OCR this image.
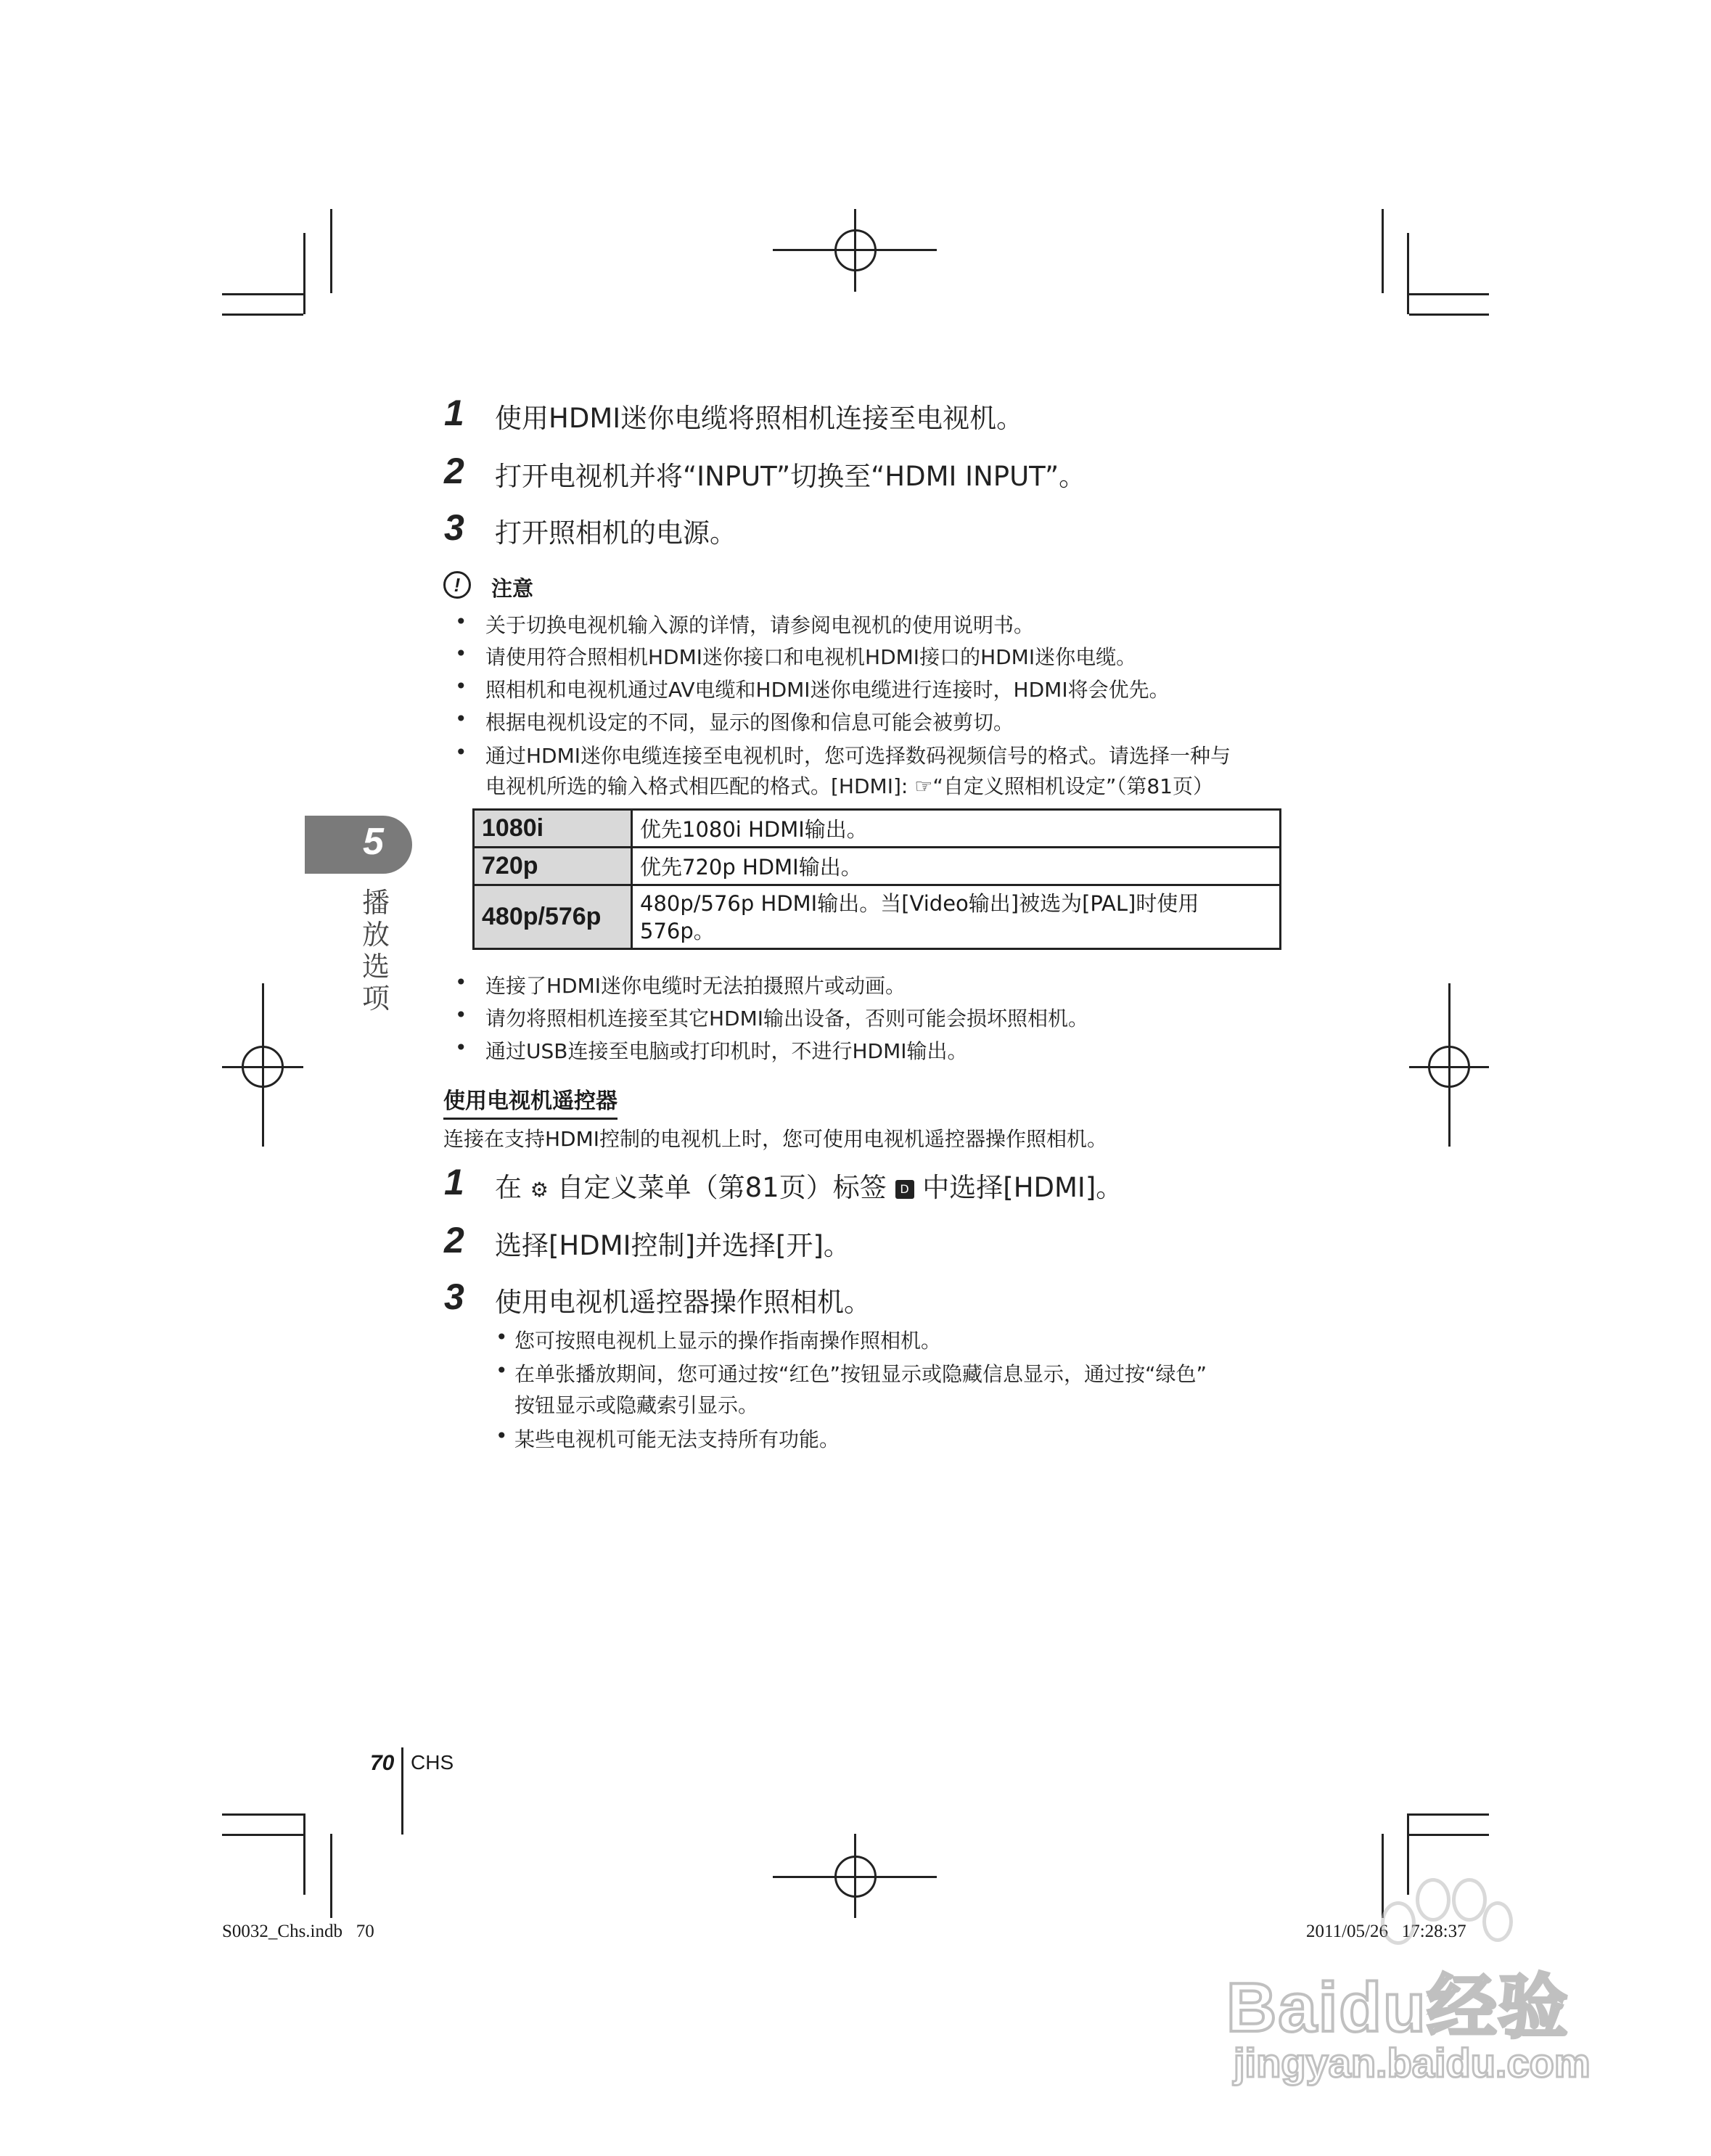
1 使用HDMI迷你电缆将照相机连接至电视机。
2 打开电视机并将“INPUT”切换至“HDMI INPUT”。
3 打开照相机的电源。
!	注意
• 关于切换电视机输入源的详情，请参阅电视机的使用说明书。
• 请使用符合照相机HDMI迷你接口和电视机HDMI接口的HDMI迷你电缆。
• 照相机和电视机通过AV电缆和HDMI迷你电缆进行连接时，HDMI将会优先。
• 根据电视机设定的不同，显示的图像和信息可能会被剪切。
• 通过HDMI迷你电缆连接至电视机时，您可选择数码视频信号的格式。请选择一种与
电视机所选的输入格式相匹配的格式。[HDMI]: ☞“自定义照相机设定”（第81页）
1080i	优先1080i HDMI输出。
720p	优先720p HDMI输出。
480p/576p	480p/576p HDMI输出。当[Video输出]被选为[PAL]时使用576p。
• 连接了HDMI迷你电缆时无法拍摄照片或动画。
• 请勿将照相机连接至其它HDMI输出设备，否则可能会损坏照相机。
• 通过USB连接至电脑或打印机时，不进行HDMI输出。
使用电视机遥控器
连接在支持HDMI控制的电视机上时，您可使用电视机遥控器操作照相机。
1 在 ⚙ 自定义菜单（第81页）标签 D 中选择[HDMI]。
2 选择[HDMI控制]并选择[开]。
3 使用电视机遥控器操作照相机。
• 您可按照电视机上显示的操作指南操作照相机。
• 在单张播放期间，您可通过按“红色”按钮显示或隐藏信息显示，通过按“绿色”
按钮显示或隐藏索引显示。
• 某些电视机可能无法支持所有功能。
5
播放选项
70 CHS
S0032_Chs.indb   70	2011/05/26   17:28:37
Baidu经验
jingyan.baidu.com
